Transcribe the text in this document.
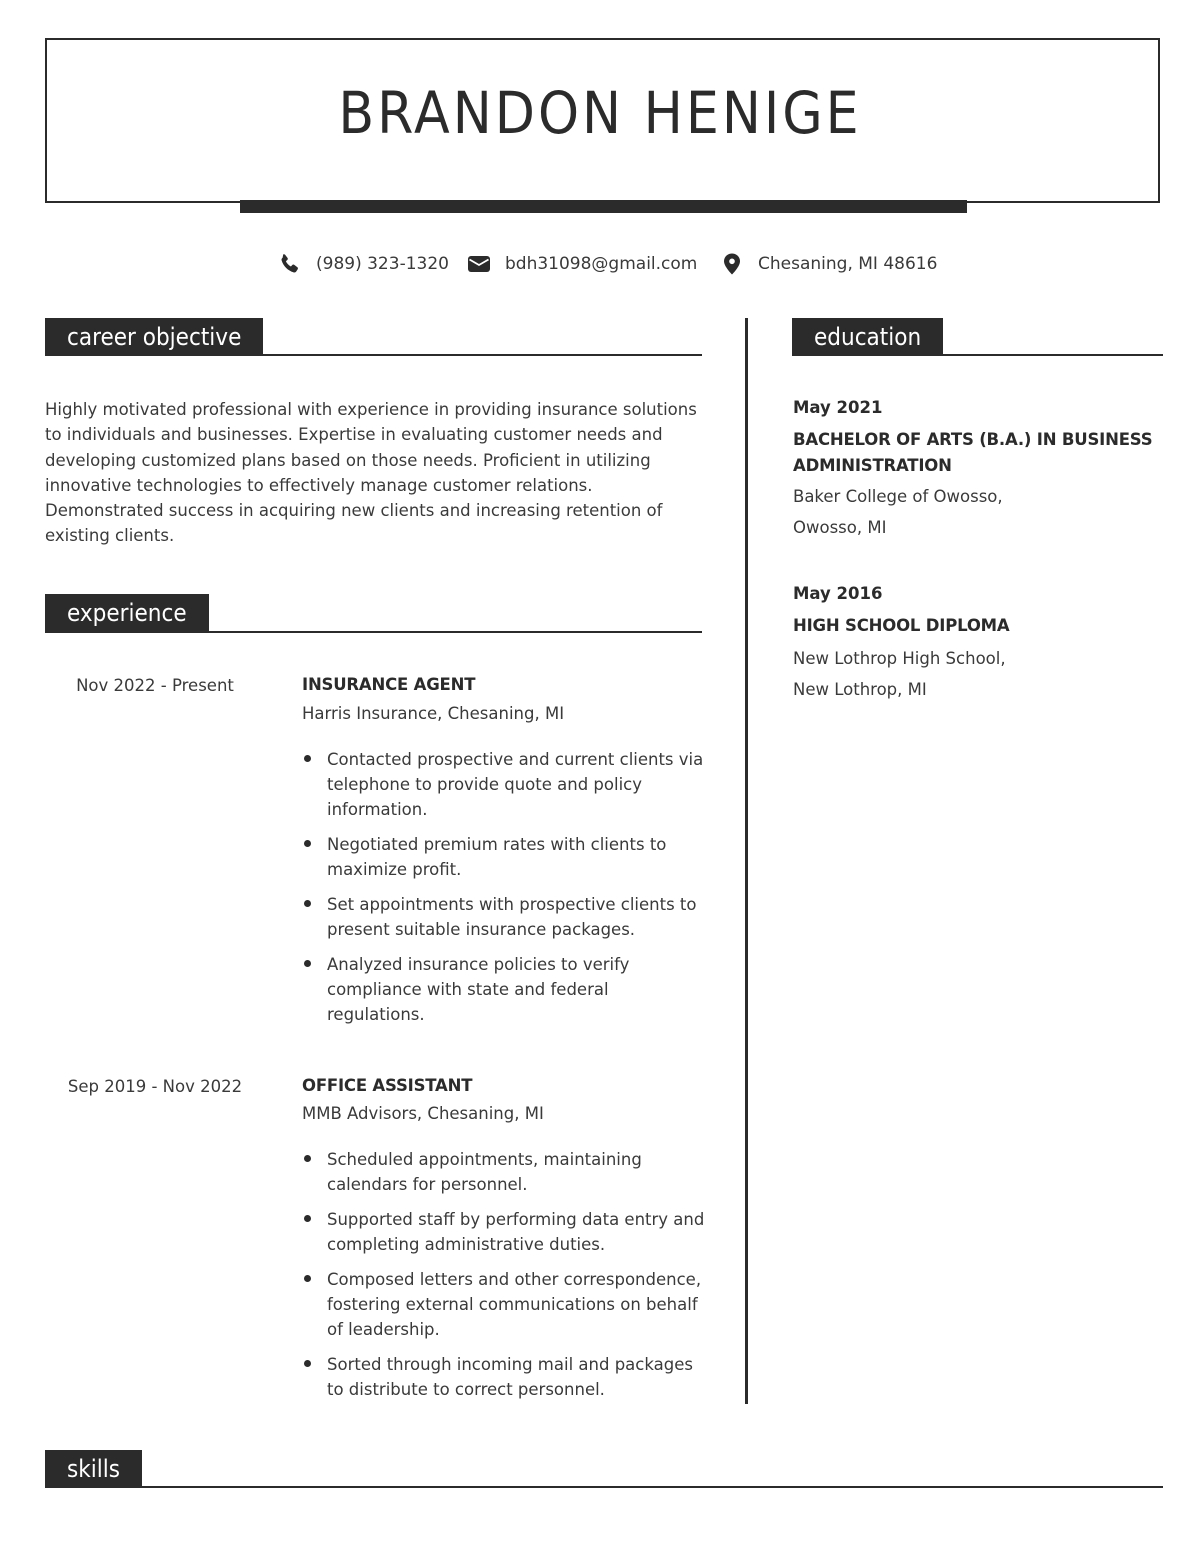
BRANDON HENIGE
(989) 323-1320	bdh31098@gmail.com	Chesaning, MI 48616
career objective
Highly motivated professional with experience in providing insurance solutions to individuals and businesses. Expertise in evaluating customer needs and developing customized plans based on those needs. Proficient in utilizing innovative technologies to effectively manage customer relations. Demonstrated success in acquiring new clients and increasing retention of existing clients.
experience
Nov 2022 - Present	INSURANCE AGENT
Harris Insurance, Chesaning, MI
Contacted prospective and current clients via telephone to provide quote and policy information.
Negotiated premium rates with clients to maximize profit.
Set appointments with prospective clients to present suitable insurance packages.
Analyzed insurance policies to verify compliance with state and federal regulations.
Sep 2019 - Nov 2022	OFFICE ASSISTANT
MMB Advisors, Chesaning, MI
Scheduled appointments, maintaining calendars for personnel.
Supported staff by performing data entry and completing administrative duties.
Composed letters and other correspondence, fostering external communications on behalf of leadership.
Sorted through incoming mail and packages to distribute to correct personnel.
education
May 2021
BACHELOR OF ARTS (B.A.) IN BUSINESS ADMINISTRATION
Baker College of Owosso,
Owosso, MI
May 2016
HIGH SCHOOL DIPLOMA
New Lothrop High School,
New Lothrop, MI
skills
